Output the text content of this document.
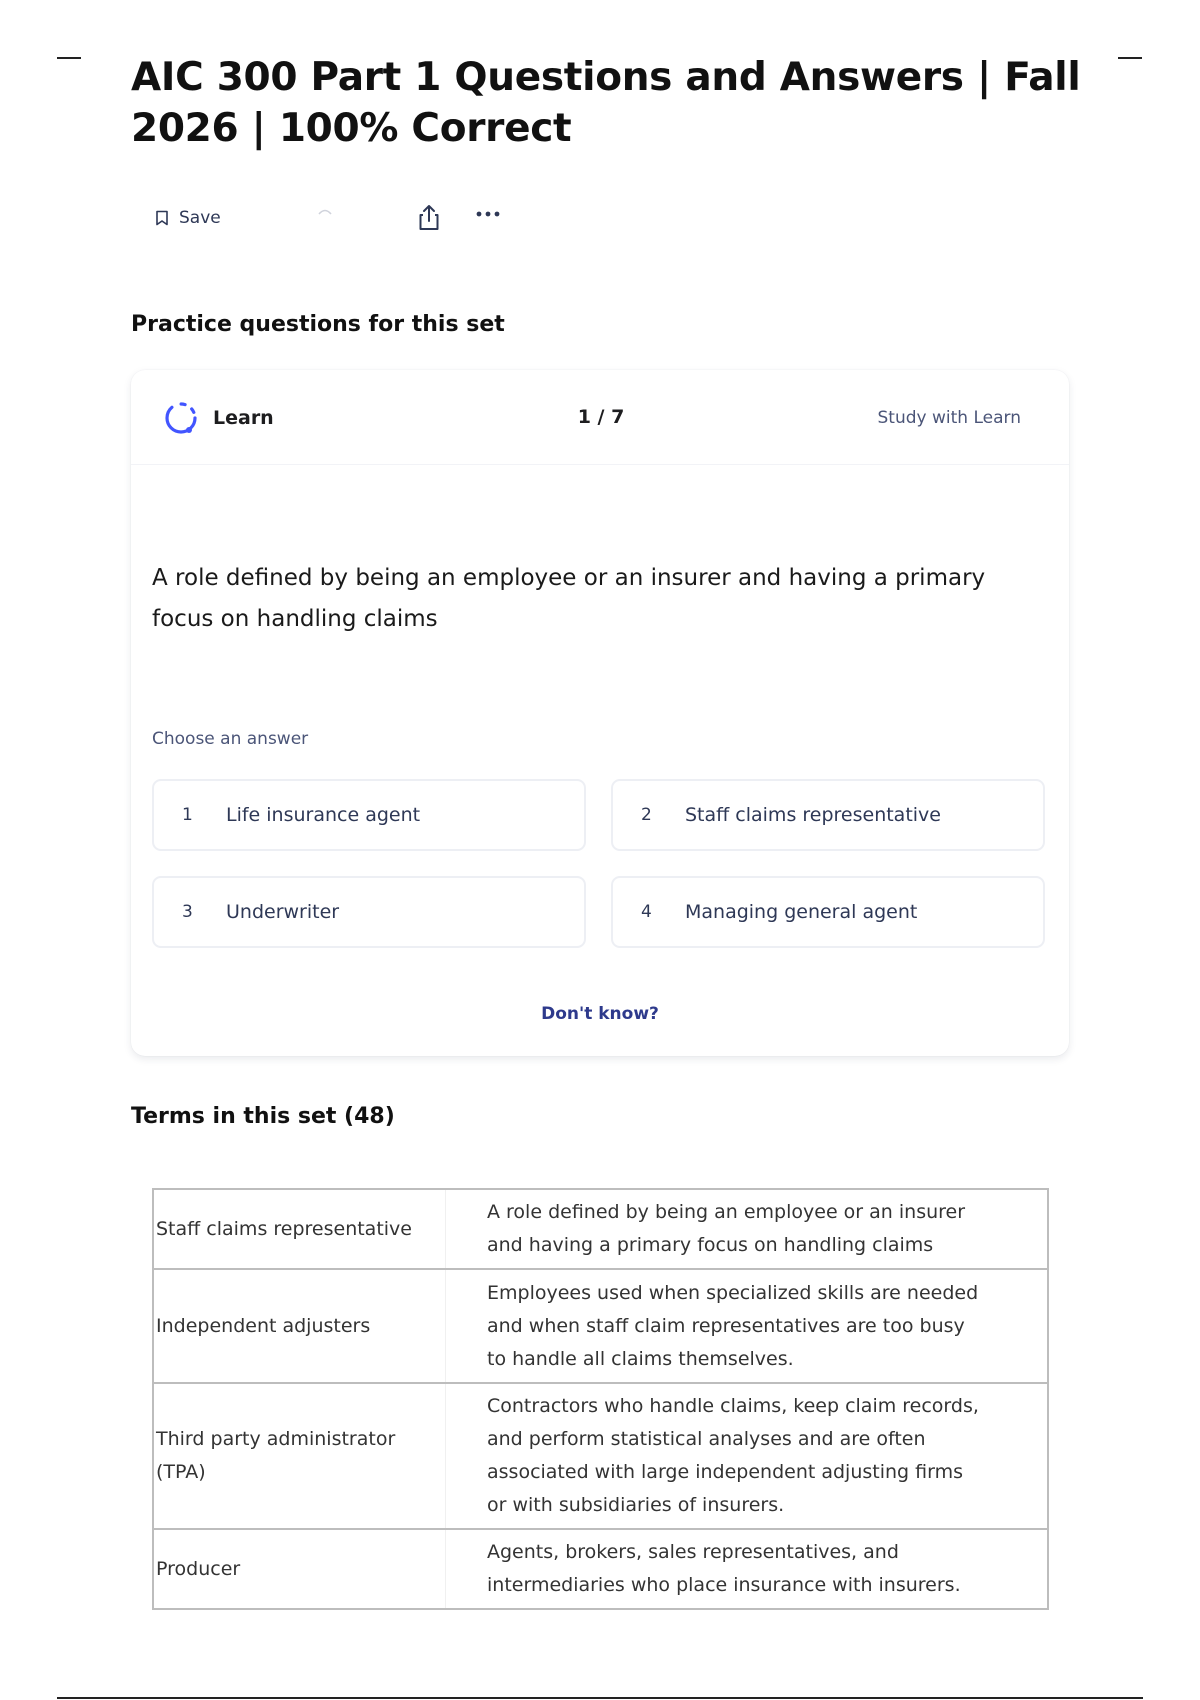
AIC 300 Part 1 Questions and Answers | Fall 2026 | 100% Correct
Save
Practice questions for this set
Learn	1 / 7	Study with Learn

A role defined by being an employee or an insurer and having a primary focus on handling claims

Choose an answer
1	Life insurance agent	2	Staff claims representative
3	Underwriter	4	Managing general agent
Don't know?
Terms in this set (48)
Staff claims representative	A role defined by being an employee or an insurer and having a primary focus on handling claims
Independent adjusters	Employees used when specialized skills are needed and when staff claim representatives are too busy to handle all claims themselves.
Third party administrator (TPA)	Contractors who handle claims, keep claim records, and perform statistical analyses and are often associated with large independent adjusting firms or with subsidiaries of insurers.
Producer	Agents, brokers, sales representatives, and intermediaries who place insurance with insurers.
